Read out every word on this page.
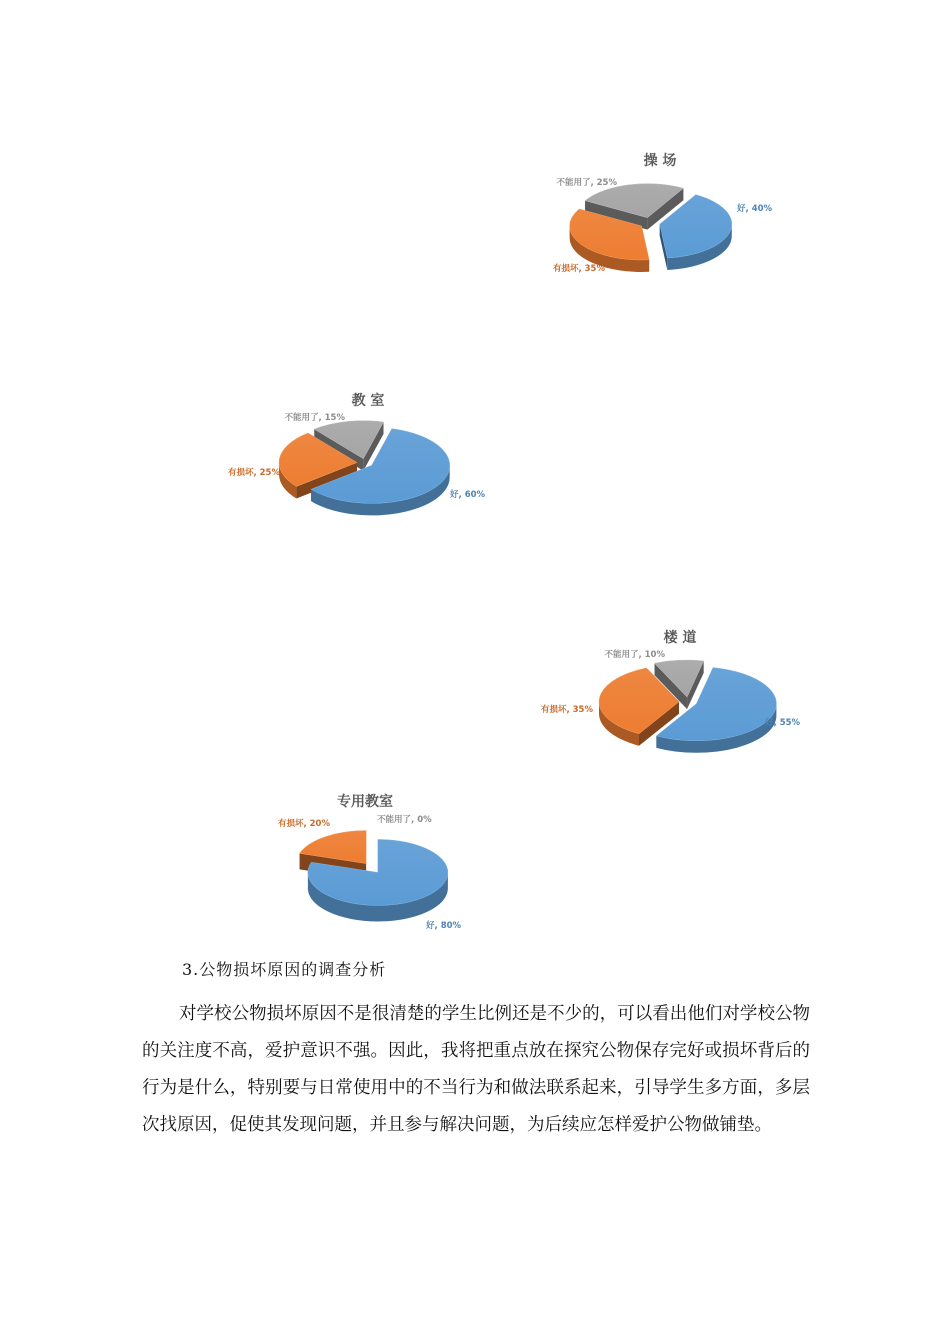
操 场
好, 40%
有损坏, 35%
不能用了, 25%
教 室
好, 60%
有损坏, 25%
不能用了, 15%
楼 道
好, 55%
有损坏, 35%
不能用了, 10%
专用教室
好, 80%
有损坏, 20%	不能用了, 0%

3.公物损坏原因的调查分析

对学校公物损坏原因不是很清楚的学生比例还是不少的，可以看出他们对学校公物的关注度不高，爱护意识不强。因此，我将把重点放在探究公物保存完好或损坏背后的行为是什么，特别要与日常使用中的不当行为和做法联系起来，引导学生多方面，多层次找原因，促使其发现问题，并且参与解决问题，为后续应怎样爱护公物做铺垫。
